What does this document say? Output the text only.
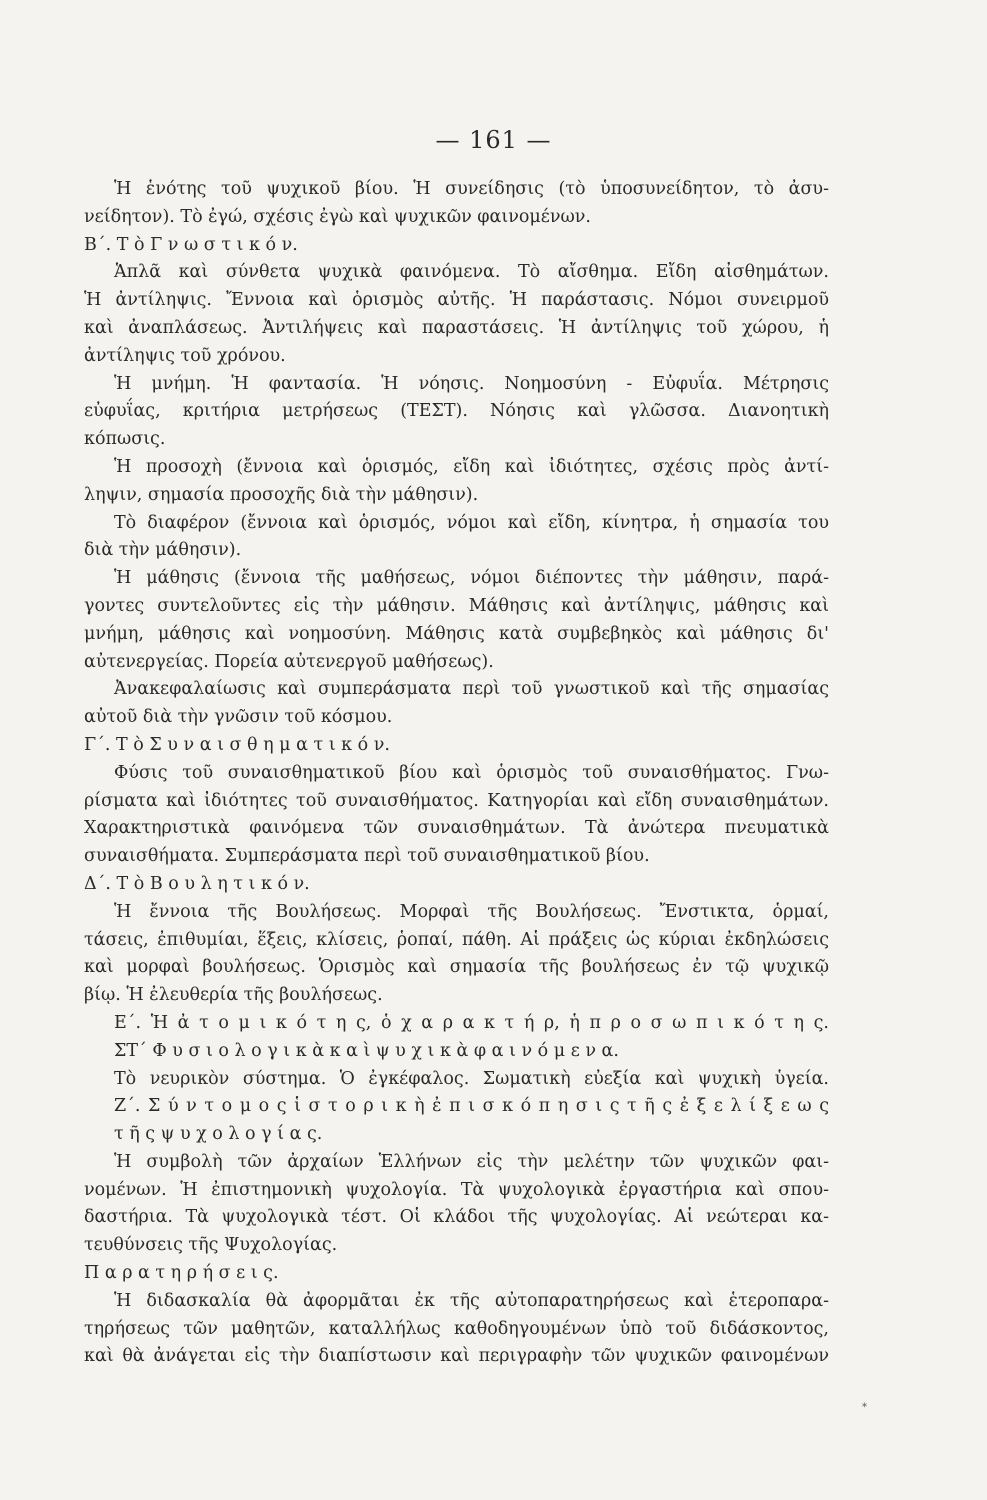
— 161 —
Ἡ ἑνότης τοῦ ψυχικοῦ βίου. Ἡ συνείδησις (τὸ ὑποσυνείδητον, τὸ ἀσυ-
νείδητον). Τὸ ἐγώ, σχέσις ἐγὼ καὶ ψυχικῶν φαινομένων.
Β΄. Τ ὸ Γ ν ω σ τ ι κ ό ν.
Ἁπλᾶ καὶ σύνθετα ψυχικὰ φαινόμενα. Τὸ αἴσθημα. Εἴδη αἰσθημάτων.
Ἡ ἀντίληψις. Ἔννοια καὶ ὁρισμὸς αὐτῆς. Ἡ παράστασις. Νόμοι συνειρμοῦ
καὶ ἀναπλάσεως. Ἀντιλήψεις καὶ παραστάσεις. Ἡ ἀντίληψις τοῦ χώρου, ἡ
ἀντίληψις τοῦ χρόνου.
Ἡ μνήμη. Ἡ φαντασία. Ἡ νόησις. Νοημοσύνη - Εὐφυΐα. Μέτρησις
εὐφυΐας, κριτήρια μετρήσεως (ΤΕΣΤ). Νόησις καὶ γλῶσσα. Διανοητικὴ
κόπωσις.
Ἡ προσοχὴ (ἔννοια καὶ ὁρισμός, εἴδη καὶ ἰδιότητες, σχέσις πρὸς ἀντί-
ληψιν, σημασία προσοχῆς διὰ τὴν μάθησιν).
Τὸ διαφέρον (ἔννοια καὶ ὁρισμός, νόμοι καὶ εἴδη, κίνητρα, ἡ σημασία του
διὰ τὴν μάθησιν).
Ἡ μάθησις (ἔννοια τῆς μαθήσεως, νόμοι διέποντες τὴν μάθησιν, παρά-
γοντες συντελοῦντες εἰς τὴν μάθησιν. Μάθησις καὶ ἀντίληψις, μάθησις καὶ
μνήμη, μάθησις καὶ νοημοσύνη. Μάθησις κατὰ συμβεβηκὸς καὶ μάθησις δι'
αὐτενεργείας. Πορεία αὐτενεργοῦ μαθήσεως).
Ἀνακεφαλαίωσις καὶ συμπεράσματα περὶ τοῦ γνωστικοῦ καὶ τῆς σημασίας
αὐτοῦ διὰ τὴν γνῶσιν τοῦ κόσμου.
Γ΄. Τ ὸ Σ υ ν α ι σ θ η μ α τ ι κ ό ν.
Φύσις τοῦ συναισθηματικοῦ βίου καὶ ὁρισμὸς τοῦ συναισθήματος. Γνω-
ρίσματα καὶ ἰδιότητες τοῦ συναισθήματος. Κατηγορίαι καὶ εἴδη συναισθημάτων.
Χαρακτηριστικὰ φαινόμενα τῶν συναισθημάτων. Τὰ ἀνώτερα πνευματικὰ
συναισθήματα. Συμπεράσματα περὶ τοῦ συναισθηματικοῦ βίου.
Δ΄. Τ ὸ Β ο υ λ η τ ι κ ό ν.
Ἡ ἔννοια τῆς Βουλήσεως. Μορφαὶ τῆς Βουλήσεως. Ἔνστικτα, ὁρμαί,
τάσεις, ἐπιθυμίαι, ἕξεις, κλίσεις, ῥοπαί, πάθη. Αἱ πράξεις ὡς κύριαι ἐκδηλώσεις
καὶ μορφαὶ βουλήσεως. Ὁρισμὸς καὶ σημασία τῆς βουλήσεως ἐν τῷ ψυχικῷ
βίῳ. Ἡ ἐλευθερία τῆς βουλήσεως.
Ε΄. Ἡ ἀ τ ο μ ι κ ό τ η ς, ὁ χ α ρ α κ τ ή ρ, ἡ π ρ ο σ ω π ι κ ό τ η ς.
ΣΤ΄ Φ υ σ ι ο λ ο γ ι κ ὰ κ α ὶ ψ υ χ ι κ ὰ φ α ι ν ό μ ε ν α.
Τὸ νευρικὸν σύστημα. Ὁ ἐγκέφαλος. Σωματικὴ εὐεξία καὶ ψυχικὴ ὑγεία.
Ζ΄. Σ ύ ν τ ο μ ο ς ἱ σ τ ο ρ ι κ ὴ ἐ π ι σ κ ό π η σ ι ς τ ῆ ς ἐ ξ ε λ ί ξ ε ω ς
τ ῆ ς ψ υ χ ο λ ο γ ί α ς.
Ἡ συμβολὴ τῶν ἀρχαίων Ἑλλήνων εἰς τὴν μελέτην τῶν ψυχικῶν φαι-
νομένων. Ἡ ἐπιστημονικὴ ψυχολογία. Τὰ ψυχολογικὰ ἐργαστήρια καὶ σπου-
δαστήρια. Τὰ ψυχολογικὰ τέστ. Οἱ κλάδοι τῆς ψυχολογίας. Αἱ νεώτεραι κα-
τευθύνσεις τῆς Ψυχολογίας.
Π α ρ α τ η ρ ή σ ε ι ς.
Ἡ διδασκαλία θὰ ἀφορμᾶται ἐκ τῆς αὐτοπαρατηρήσεως καὶ ἑτεροπαρα-
τηρήσεως τῶν μαθητῶν, καταλλήλως καθοδηγουμένων ὑπὸ τοῦ διδάσκοντος,
καὶ θὰ ἀνάγεται εἰς τὴν διαπίστωσιν καὶ περιγραφὴν τῶν ψυχικῶν φαινομένων
*
